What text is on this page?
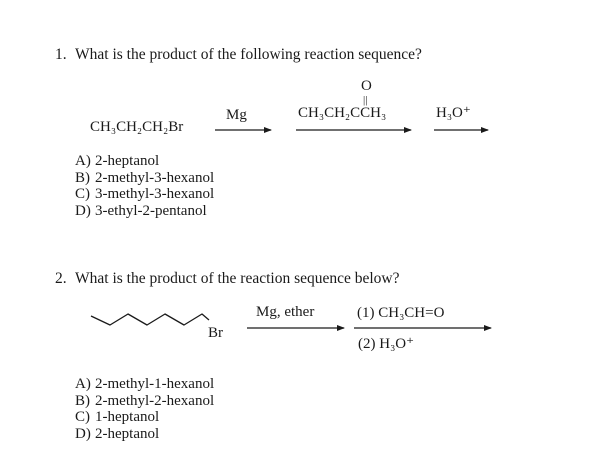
1. What is the product of the following reaction sequence?
CH₃CH₂CH₂Br
Mg
O
||
CH₃CH₂CCH₃	H₃O⁺
A) 2-heptanol
B) 2-methyl-3-hexanol
C) 3-methyl-3-hexanol
D) 3-ethyl-2-pentanol
2. What is the product of the reaction sequence below?
Br
Mg, ether	(1) CH₃CH=O
(2) H₃O⁺
A) 2-methyl-1-hexanol
B) 2-methyl-2-hexanol
C) 1-heptanol
D) 2-heptanol
